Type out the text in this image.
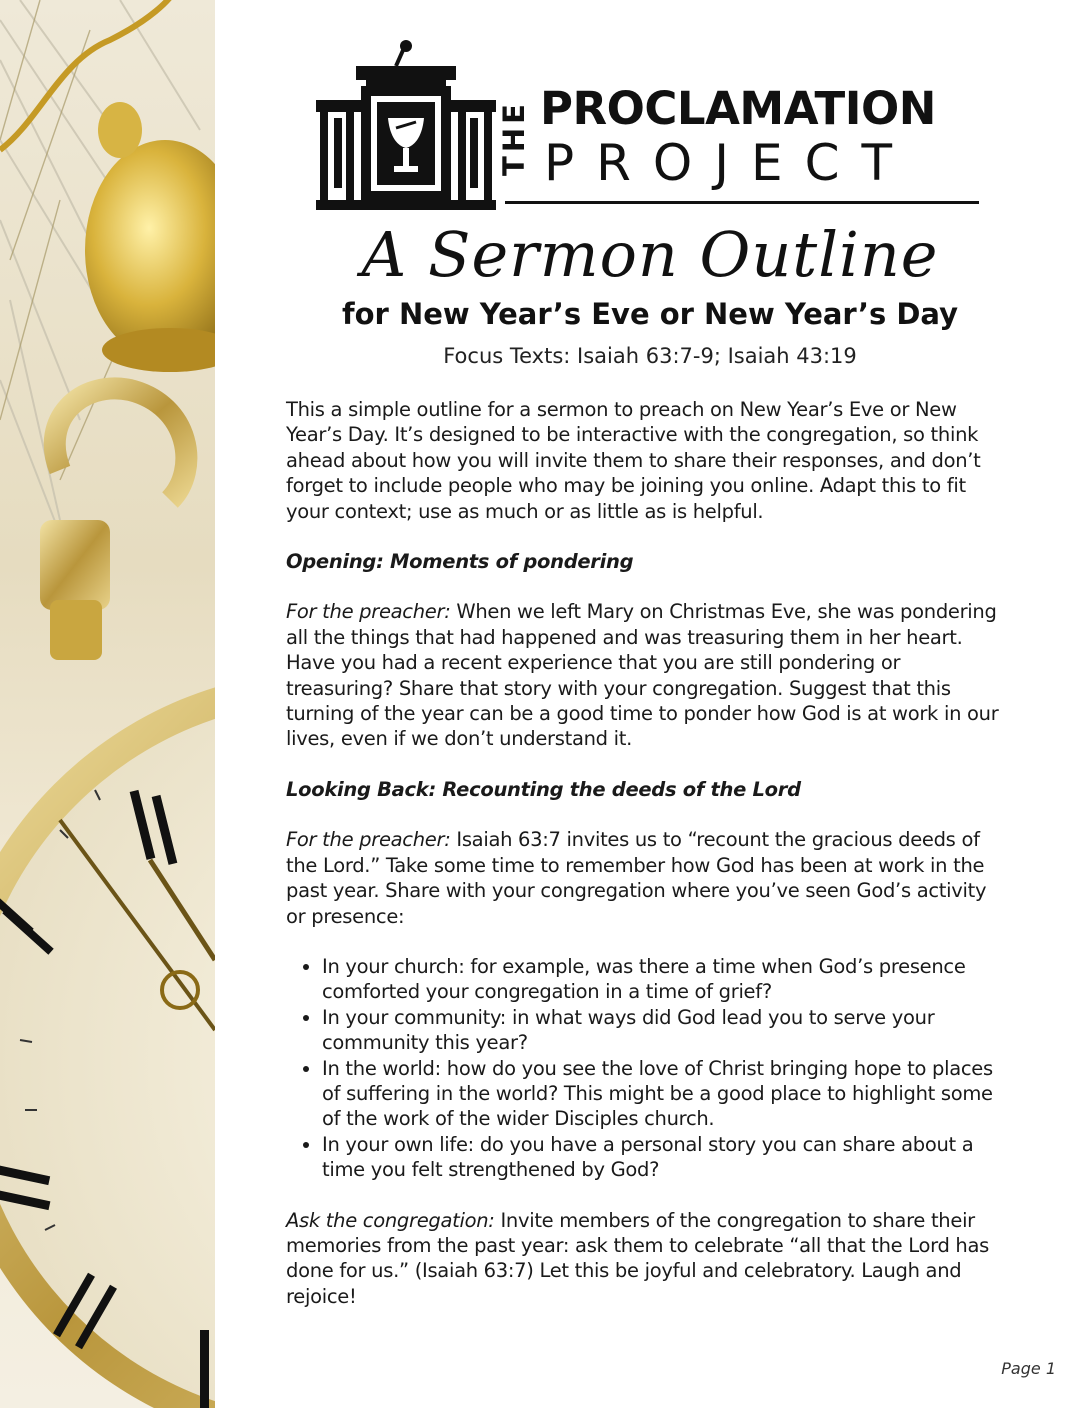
THE PROCLAMATION
PROJECT
A Sermon Outline
for New Year’s Eve or New Year’s Day
Focus Texts: Isaiah 63:7-9; Isaiah 43:19

This a simple outline for a sermon to preach on New Year’s Eve or New Year’s Day. It’s designed to be interactive with the congregation, so think ahead about how you will invite them to share their responses, and don’t forget to include people who may be joining you online. Adapt this to fit your context; use as much or as little as is helpful.

Opening: Moments of pondering

For the preacher: When we left Mary on Christmas Eve, she was pondering all the things that had happened and was treasuring them in her heart. Have you had a recent experience that you are still pondering or treasuring? Share that story with your congregation. Suggest that this turning of the year can be a good time to ponder how God is at work in our lives, even if we don’t understand it.

Looking Back: Recounting the deeds of the Lord

For the preacher: Isaiah 63:7 invites us to “recount the gracious deeds of the Lord.” Take some time to remember how God has been at work in the past year. Share with your congregation where you’ve seen God’s activity or presence:

• In your church: for example, was there a time when God’s presence comforted your congregation in a time of grief?
• In your community: in what ways did God lead you to serve your community this year?
• In the world: how do you see the love of Christ bringing hope to places of suffering in the world? This might be a good place to highlight some of the work of the wider Disciples church.
• In your own life: do you have a personal story you can share about a time you felt strengthened by God?

Ask the congregation: Invite members of the congregation to share their memories from the past year: ask them to celebrate “all that the Lord has done for us.” (Isaiah 63:7) Let this be joyful and celebratory. Laugh and rejoice!

Page 1
